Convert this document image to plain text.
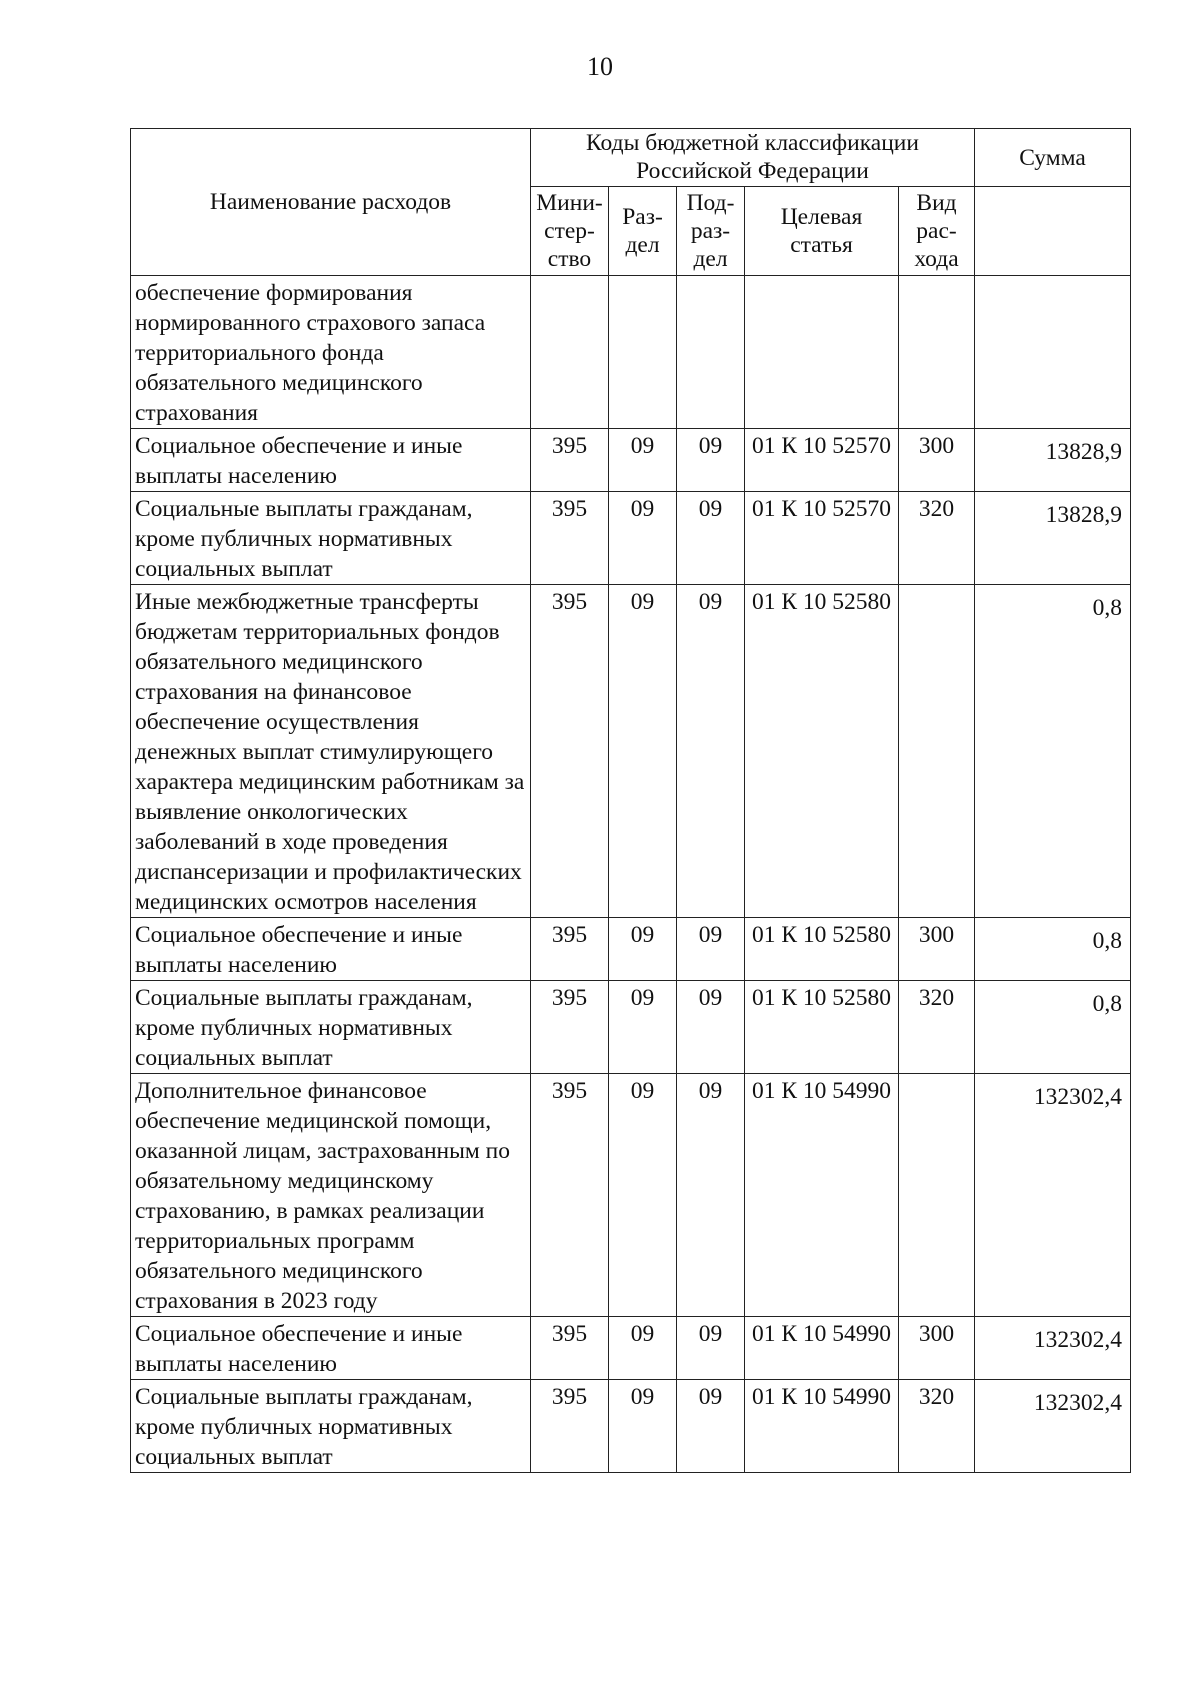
10
Наименование расходов	Коды бюджетной классификации Российской Федерации					Сумма
	Мини-стер-ство	Раз-дел	Под-раз-дел	Целевая статья	Вид рас-хода	
обеспечение формирования нормированного страхового запаса территориального фонда обязательного медицинского страхования						
Социальное обеспечение и иные выплаты населению	395	09	09	01 К 10 52570	300	13828,9
Социальные выплаты гражданам, кроме публичных нормативных социальных выплат	395	09	09	01 К 10 52570	320	13828,9
Иные межбюджетные трансферты бюджетам территориальных фондов обязательного медицинского страхования на финансовое обеспечение осуществления денежных выплат стимулирующего характера медицинским работникам за выявление онкологических заболеваний в ходе проведения диспансеризации и профилактических медицинских осмотров населения	395	09	09	01 К 10 52580		0,8
Социальное обеспечение и иные выплаты населению	395	09	09	01 К 10 52580	300	0,8
Социальные выплаты гражданам, кроме публичных нормативных социальных выплат	395	09	09	01 К 10 52580	320	0,8
Дополнительное финансовое обеспечение медицинской помощи, оказанной лицам, застрахованным по обязательному медицинскому страхованию, в рамках реализации территориальных программ обязательного медицинского страхования в 2023 году	395	09	09	01 К 10 54990		132302,4
Социальное обеспечение и иные выплаты населению	395	09	09	01 К 10 54990	300	132302,4
Социальные выплаты гражданам, кроме публичных нормативных социальных выплат	395	09	09	01 К 10 54990	320	132302,4
